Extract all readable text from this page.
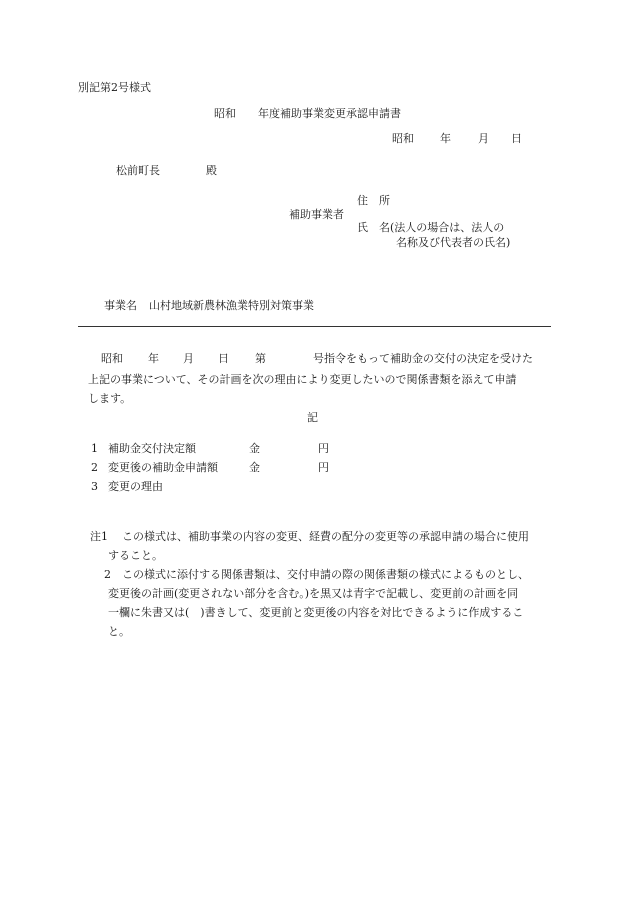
別記第2号様式
昭和 年度補助事業変更承認申請書
昭和 年 月 日
松前町長	殿
住　所
補助事業者
氏　名(法人の場合は、法人の
名称及び代表者の氏名)
事業名 山村地域新農林漁業特別対策事業
昭和 年 月 日 第	号指令をもって補助金の交付の決定を受けた
上記の事業について、その計画を次の理由により変更したいので関係書類を添えて申請
します。
記
1 補助金交付決定額	金	円
2 変更後の補助金申請額	金	円
3 変更の理由
注1 この様式は、補助事業の内容の変更、経費の配分の変更等の承認申請の場合に使用
すること。
2 この様式に添付する関係書類は、交付申請の際の関係書類の様式によるものとし、
変更後の計画(変更されない部分を含む。)を黒又は青字で記載し、変更前の計画を同
一欄に朱書又は(　)書きして、変更前と変更後の内容を対比できるように作成するこ
と。
